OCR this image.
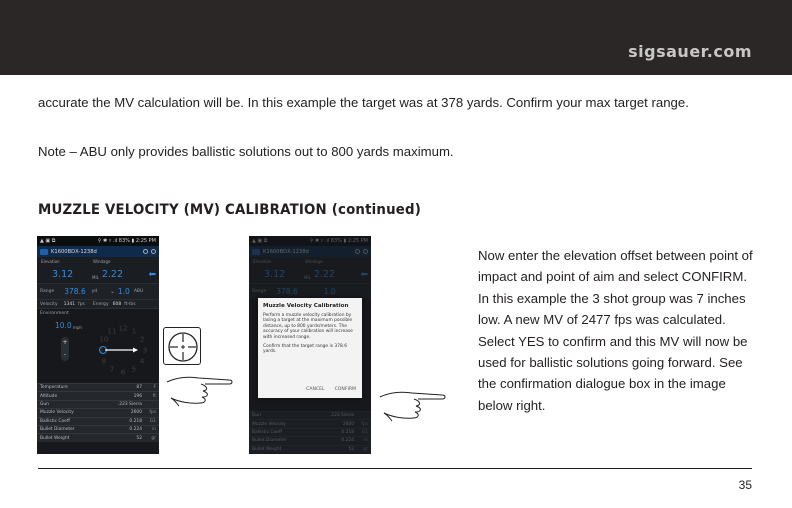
sigsauer.com

accurate the MV calculation will be. In this example the target was at 378 yards. Confirm your max target range.

Note – ABU only provides ballistic solutions out to 800 yards maximum.

MUZZLE VELOCITY (MV) CALIBRATION (continued)
▲ ▣ ⧉	⚲ ✱ ▿ .ıl 83% ▮ 2:25 PM
K1600BDX-1238d
Elevation	Windage
3.12	MIL 2.22	⬅
Range 378.6 yd	⦣ 1.0 ABU
Velocity 1341 fps Energy 608 ft-lbs
Environment
10.0 mph
+
-
12 1
2
3
4
5
6
7
8
9
10
11
Temperature	87	F
Altitude	196	ft
Gun	.223 Sierra
Muzzle Velocity	2600	fps
Ballistic Coeff	0.218	G1
Bullet Diameter	0.224	in
Bullet Weight	52	gr
▲ ▣ ⧉	⚲ ✱ ▿ .ıl 83% ▮ 2:25 PM
K1600BDX-1238d
Elevation	Windage
3.12	MIL 2.22	⬅
Range 378.6	1.0
Gun	.223 Sierra
Muzzle Velocity	2600	fps
Ballistic Coeff	0.218	G1
Bullet Diameter	0.224	in
Bullet Weight	52	gr
Muzzle Velocity Calibration
Perform a muzzle velocity calibration by lasing a target at the maximum possible distance, up to 800 yards/meters. The accuracy of your calibration will increase with increased range.
Confirm that the target range is 378.6 yards.
CANCEL CONFIRM

Now enter the elevation offset between point of impact and point of aim and select CONFIRM. In this example the 3 shot group was 7 inches low. A new MV of 2477 fps was calculated. Select YES to confirm and this MV will now be used for ballistic solutions going forward. See the confirmation dialogue box in the image below right.

35
